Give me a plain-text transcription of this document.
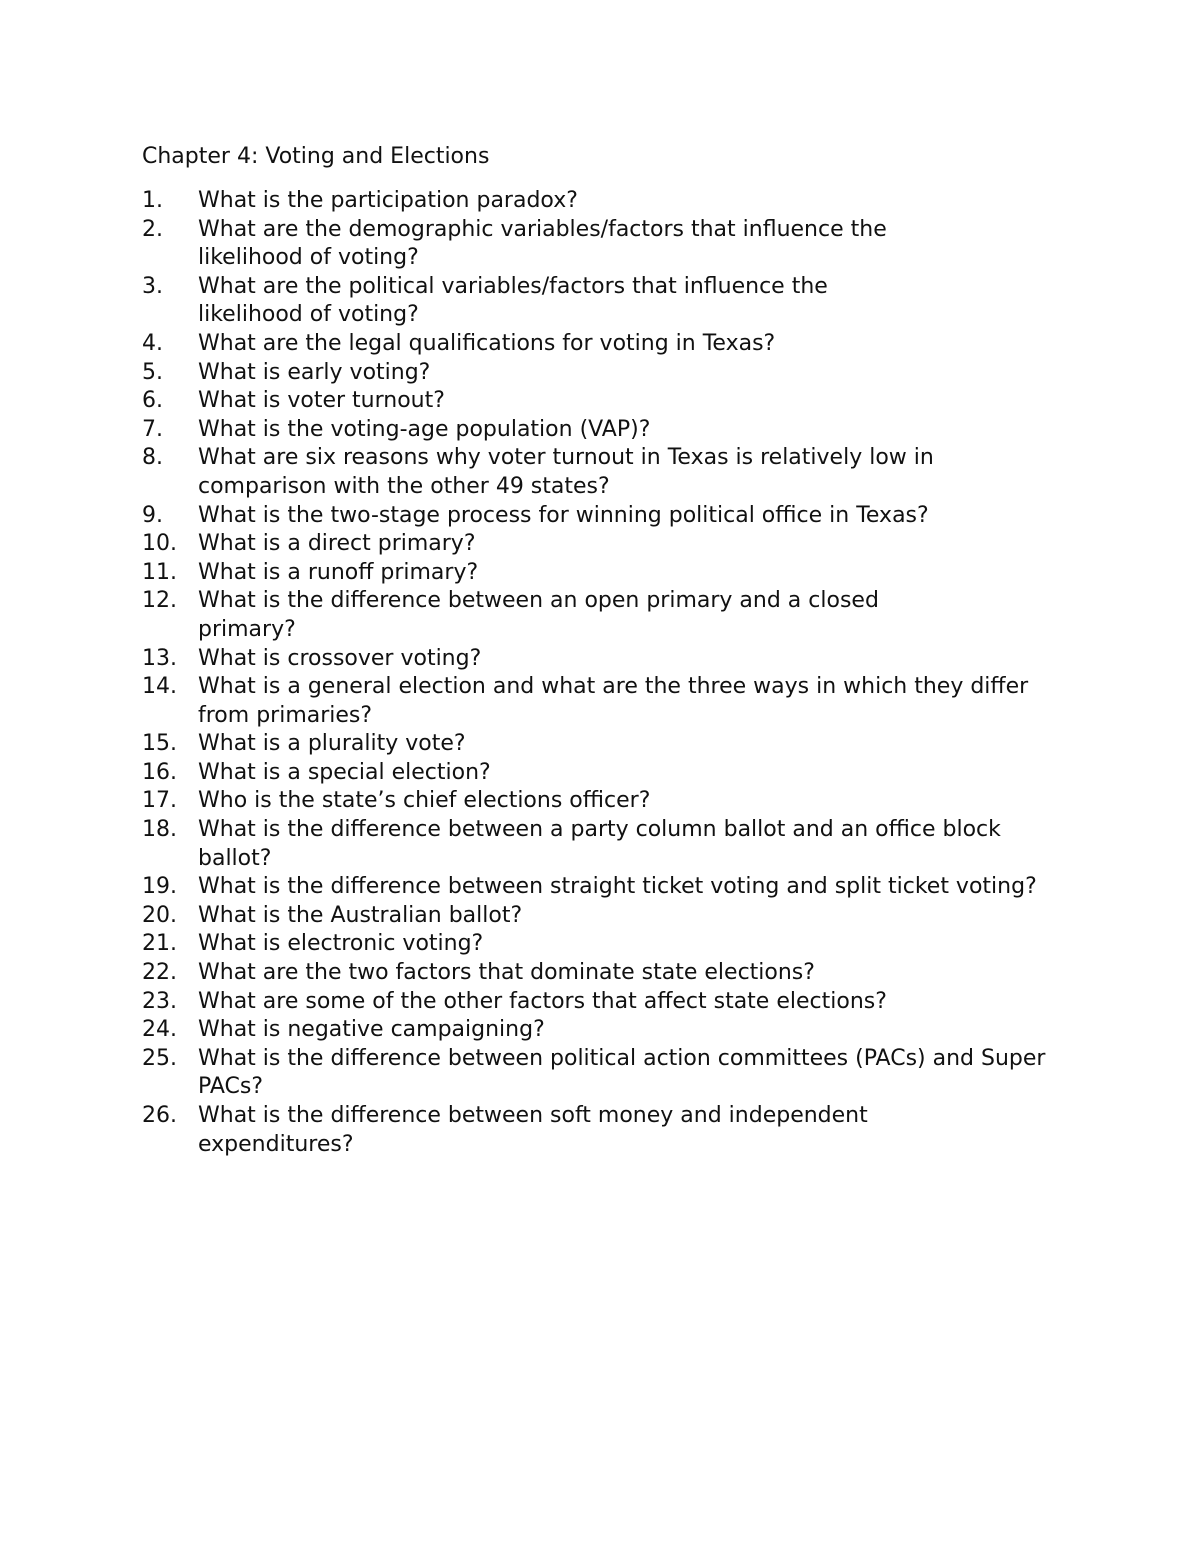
Chapter 4: Voting and Elections
1. What is the participation paradox?
2. What are the demographic variables/factors that influence the likelihood of voting?
3. What are the political variables/factors that influence the likelihood of voting?
4. What are the legal qualifications for voting in Texas?
5. What is early voting?
6. What is voter turnout?
7. What is the voting-age population (VAP)?
8. What are six reasons why voter turnout in Texas is relatively low in comparison with the other 49 states?
9. What is the two-stage process for winning political office in Texas?
10. What is a direct primary?
11. What is a runoff primary?
12. What is the difference between an open primary and a closed primary?
13. What is crossover voting?
14. What is a general election and what are the three ways in which they differ from primaries?
15. What is a plurality vote?
16. What is a special election?
17. Who is the state’s chief elections officer?
18. What is the difference between a party column ballot and an office block ballot?
19. What is the difference between straight ticket voting and split ticket voting?
20. What is the Australian ballot?
21. What is electronic voting?
22. What are the two factors that dominate state elections?
23. What are some of the other factors that affect state elections?
24. What is negative campaigning?
25. What is the difference between political action committees (PACs) and Super PACs?
26. What is the difference between soft money and independent expenditures?
